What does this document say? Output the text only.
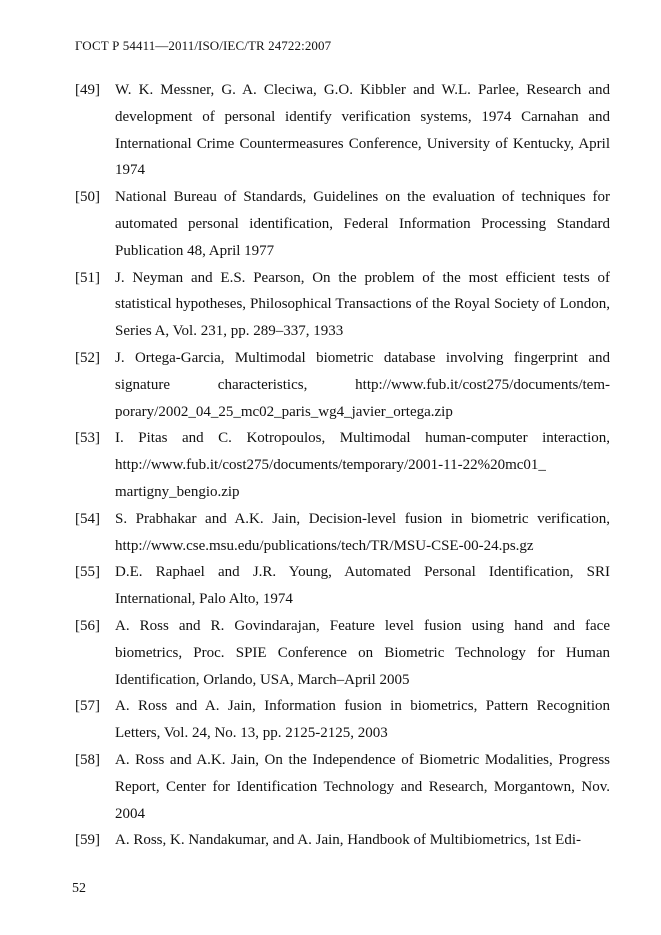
ГОСТ Р 54411—2011/ISO/IEC/TR 24722:2007
[49]	W. K. Messner, G. A. Cleciwa, G.O. Kibbler and W.L. Parlee, Research and development of personal identify verification systems, 1974 Carnahan and International Crime Countermeasures Conference, University of Kentucky, April 1974
[50]	National Bureau of Standards, Guidelines on the evaluation of techniques for automated personal identification, Federal Information Processing Standard Publication 48, April 1977
[51]	J. Neyman and E.S. Pearson, On the problem of the most efficient tests of statistical hypotheses, Philosophical Transactions of the Royal Society of London, Series A, Vol. 231, pp. 289–337, 1933
[52]	J. Ortega-Garcia, Multimodal biometric database involving fingerprint and signature characteristics, http://www.fub.it/cost275/documents/tem-porary/2002_04_25_mc02_paris_wg4_javier_ortega.zip
[53]	I. Pitas and C. Kotropoulos, Multimodal human-computer interaction, http://www.fub.it/cost275/documents/temporary/2001-11-22%20mc01_ martigny_bengio.zip
[54]	S. Prabhakar and A.K. Jain, Decision-level fusion in biometric verification, http://www.cse.msu.edu/publications/tech/TR/MSU-CSE-00-24.ps.gz
[55]	D.E. Raphael and J.R. Young, Automated Personal Identification, SRI International, Palo Alto, 1974
[56]	A. Ross and R. Govindarajan, Feature level fusion using hand and face biometrics, Proc. SPIE Conference on Biometric Technology for Human Identification, Orlando, USA, March–April 2005
[57]	A. Ross and A. Jain, Information fusion in biometrics, Pattern Recognition Letters, Vol. 24, No. 13, pp. 2125-2125, 2003
[58]	A. Ross and A.K. Jain, On the Independence of Biometric Modalities, Progress Report, Center for Identification Technology and Research, Morgantown, Nov. 2004
[59]	A. Ross, K. Nandakumar, and A. Jain, Handbook of Multibiometrics, 1st Edi-
52
